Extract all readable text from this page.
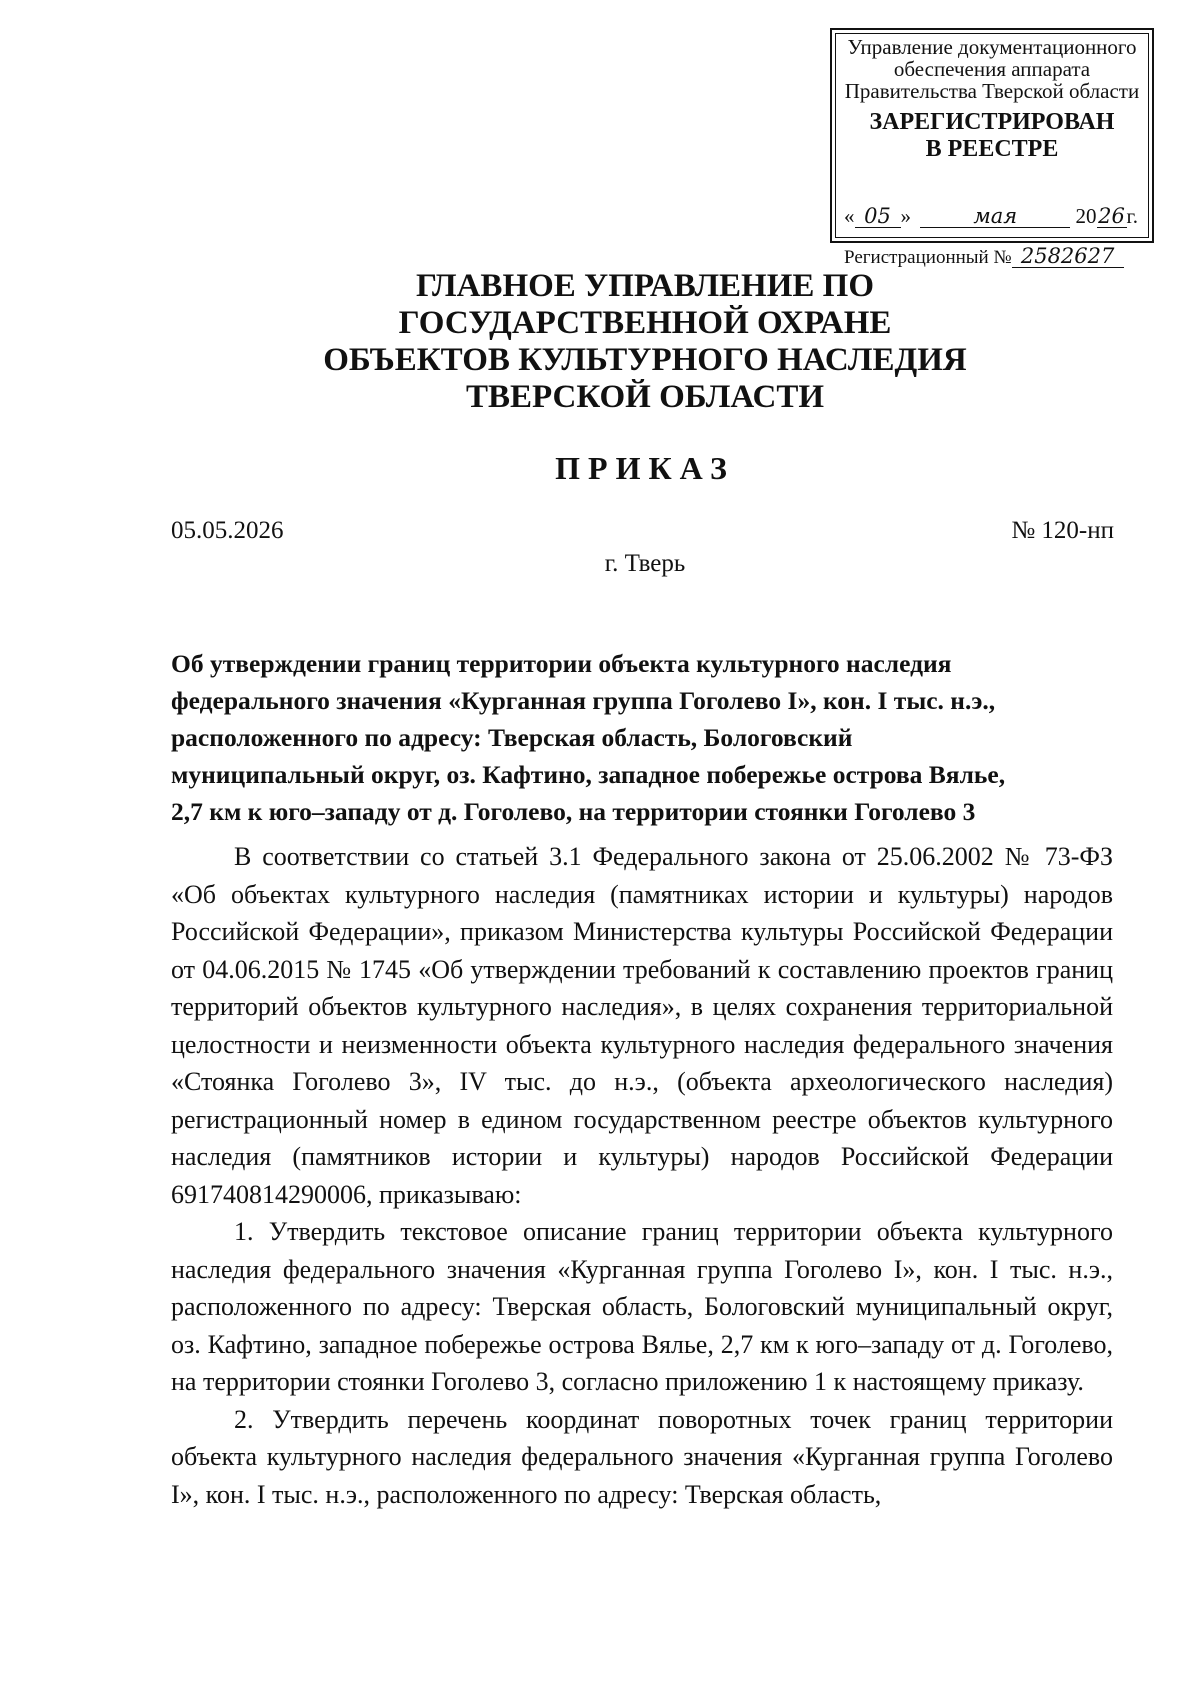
Управление документационного
обеспечения аппарата
Правительства Тверской области
ЗАРЕГИСТРИРОВАН
В РЕЕСТРЕ
« 05 »	мая	2026г.
Регистрационный № 2582627
ГЛАВНОЕ УПРАВЛЕНИЕ ПО
ГОСУДАРСТВЕННОЙ ОХРАНЕ
ОБЪЕКТОВ КУЛЬТУРНОГО НАСЛЕДИЯ
ТВЕРСКОЙ ОБЛАСТИ
ПРИКАЗ
05.05.2026	№ 120-нп
г. Тверь
Об утверждении границ территории объекта культурного наследия
федерального значения «Курганная группа Гоголево I», кон. I тыс. н.э.,
расположенного по адресу: Тверская область, Бологовский
муниципальный округ, оз. Кафтино, западное побережье острова Вялье,
2,7 км к юго–западу от д. Гоголево, на территории стоянки Гоголево 3

В соответствии со статьей 3.1 Федерального закона от 25.06.2002 № 73-ФЗ «Об объектах культурного наследия (памятниках истории и культуры) народов Российской Федерации», приказом Министерства культуры Российской Федерации от 04.06.2015 № 1745 «Об утверждении требований к составлению проектов границ территорий объектов культурного наследия», в целях сохранения территориальной целостности и неизменности объекта культурного наследия федерального значения «Стоянка Гоголево 3», IV тыс. до н.э., (объекта археологического наследия) регистрационный номер в едином государственном реестре объектов культурного наследия (памятников истории и культуры) народов Российской Федерации 691740814290006, приказываю:

1. Утвердить текстовое описание границ территории объекта культурного наследия федерального значения «Курганная группа Гоголево I», кон. I тыс. н.э., расположенного по адресу: Тверская область, Бологовский муниципальный округ, оз. Кафтино, западное побережье острова Вялье, 2,7 км к юго–западу от д. Гоголево, на территории стоянки Гоголево 3, согласно приложению 1 к настоящему приказу.

2. Утвердить перечень координат поворотных точек границ территории объекта культурного наследия федерального значения «Курганная группа Гоголево I», кон. I тыс. н.э., расположенного по адресу: Тверская область,
